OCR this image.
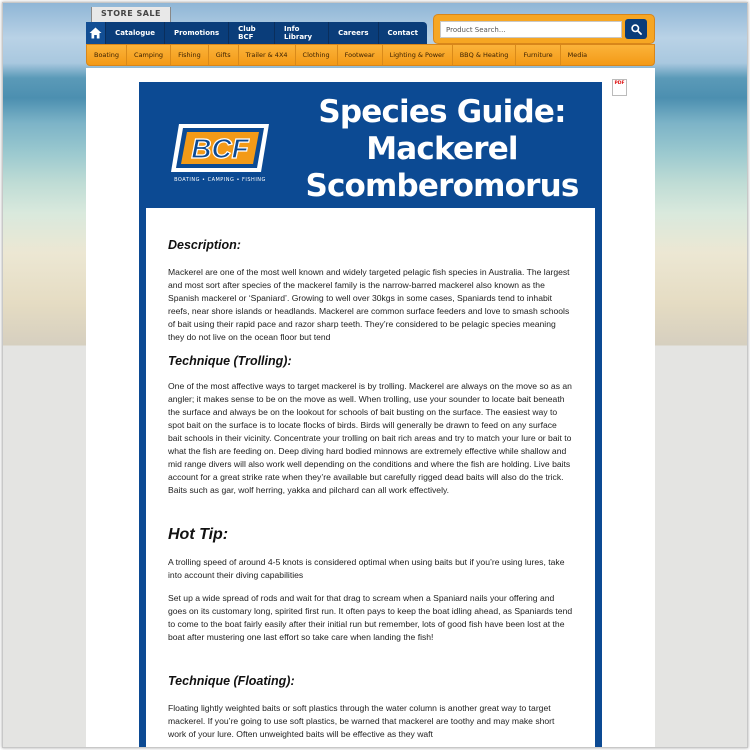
STORE SALE
Catalogue	Promotions	Club BCF
Info Library	Careers	Contact
Product Search...
Boating	Camping	Fishing	Gifts	Trailer & 4X4	Clothing	Footwear	Lighting & Power	BBQ & Heating	Furniture	Media
PDF
BCF
BOATING • CAMPING • FISHING
Species Guide:
Mackerel
Scomberomorus
Description:
Mackerel are one of the most well known and widely targeted pelagic fish species in Australia. The largest and most sort after species of the mackerel family is the narrow-barred mackerel also known as the Spanish mackerel or ‘Spaniard’. Growing to well over 30kgs in some cases, Spaniards tend to inhabit reefs, near shore islands or headlands. Mackerel are common surface feeders and love to smash schools of bait using their rapid pace and razor sharp teeth. They’re considered to be pelagic species meaning they do not live on the ocean floor but tend
Technique (Trolling):
One of the most affective ways to target mackerel is by trolling. Mackerel are always on the move so as an angler; it makes sense to be on the move as well. When trolling, use your sounder to locate bait beneath the surface and always be on the lookout for schools of bait busting on the surface. The easiest way to spot bait on the surface is to locate flocks of birds. Birds will generally be drawn to feed on any surface bait schools in their vicinity. Concentrate your trolling on bait rich areas and try to match your lure or bait to what the fish are feeding on. Deep diving hard bodied minnows are extremely effective while shallow and mid range divers will also work well depending on the conditions and where the fish are holding. Live baits account for a great strike rate when they’re available but carefully rigged dead baits will also do the trick. Baits such as gar, wolf herring, yakka and pilchard can all work effectively.
Hot Tip:
A trolling speed of around 4-5 knots is considered optimal when using baits but if you’re using lures, take into account their diving capabilities
Set up a wide spread of rods and wait for that drag to scream when a Spaniard nails your offering and goes on its customary long, spirited first run. It often pays to keep the boat idling ahead, as Spaniards tend to come to the boat fairly easily after their initial run but remember, lots of good fish have been lost at the boat after mustering one last effort so take care when landing the fish!
Technique (Floating):
Floating lightly weighted baits or soft plastics through the water column is another great way to target mackerel. If you’re going to use soft plastics, be warned that mackerel are toothy and may make short work of your lure. Often unweighted baits will be effective as they waft
